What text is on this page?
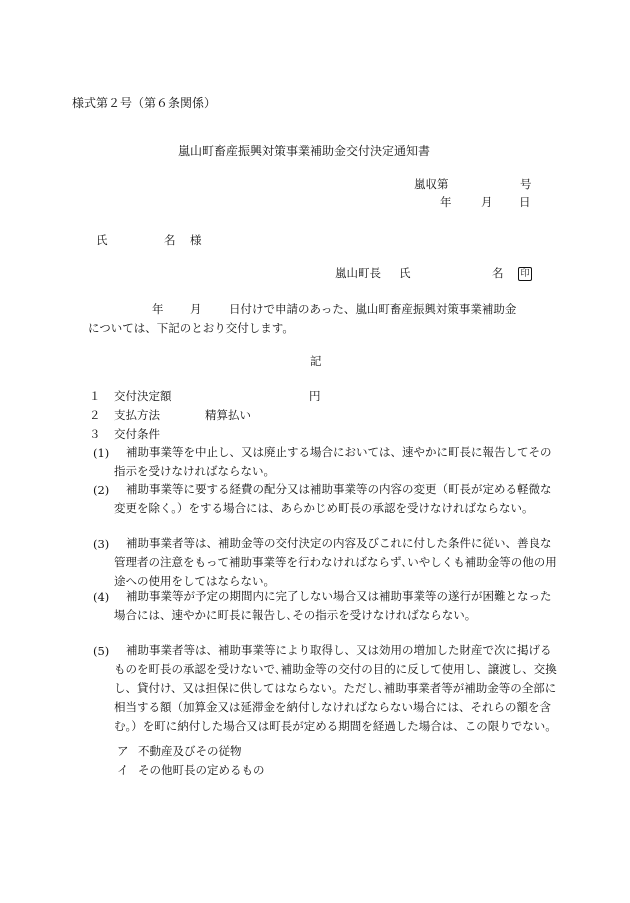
様式第２号（第６条関係）
嵐山町畜産振興対策事業補助金交付決定通知書
嵐収第	号
年	月 日
氏	名 様
嵐山町長 氏	名 印
年 月 日付けで申請のあった、嵐山町畜産振興対策事業補助金
については、下記のとおり交付します。
記
１ 交付決定額	円
２ 支払方法	精算払い
３ 交付条件
(1)	補助事業等を中止し、又は廃止する場合においては、速やかに町長に報告してその指示を受けなければならない。
(2)	補助事業等に要する経費の配分又は補助事業等の内容の変更（町長が定める軽微な変更を除く。）をする場合には、あらかじめ町長の承認を受けなければならない。
(3)	補助事業者等は、補助金等の交付決定の内容及びこれに付した条件に従い、善良な管理者の注意をもって補助事業等を行わなければならず､いやしくも補助金等の他の用途への使用をしてはならない。
(4)	補助事業等が予定の期間内に完了しない場合又は補助事業等の遂行が困難となった場合には、速やかに町長に報告し､その指示を受けなければならない。
(5)	補助事業者等は、補助事業等により取得し、又は効用の増加した財産で次に掲げるものを町長の承認を受けないで､補助金等の交付の目的に反して使用し、譲渡し、交換し、貸付け、又は担保に供してはならない。ただし､補助事業者等が補助金等の全部に相当する額（加算金又は延滞金を納付しなければならない場合には、それらの額を含む。）を町に納付した場合又は町長が定める期間を経過した場合は、この限りでない。
ア 不動産及びその従物
イ その他町長の定めるもの
